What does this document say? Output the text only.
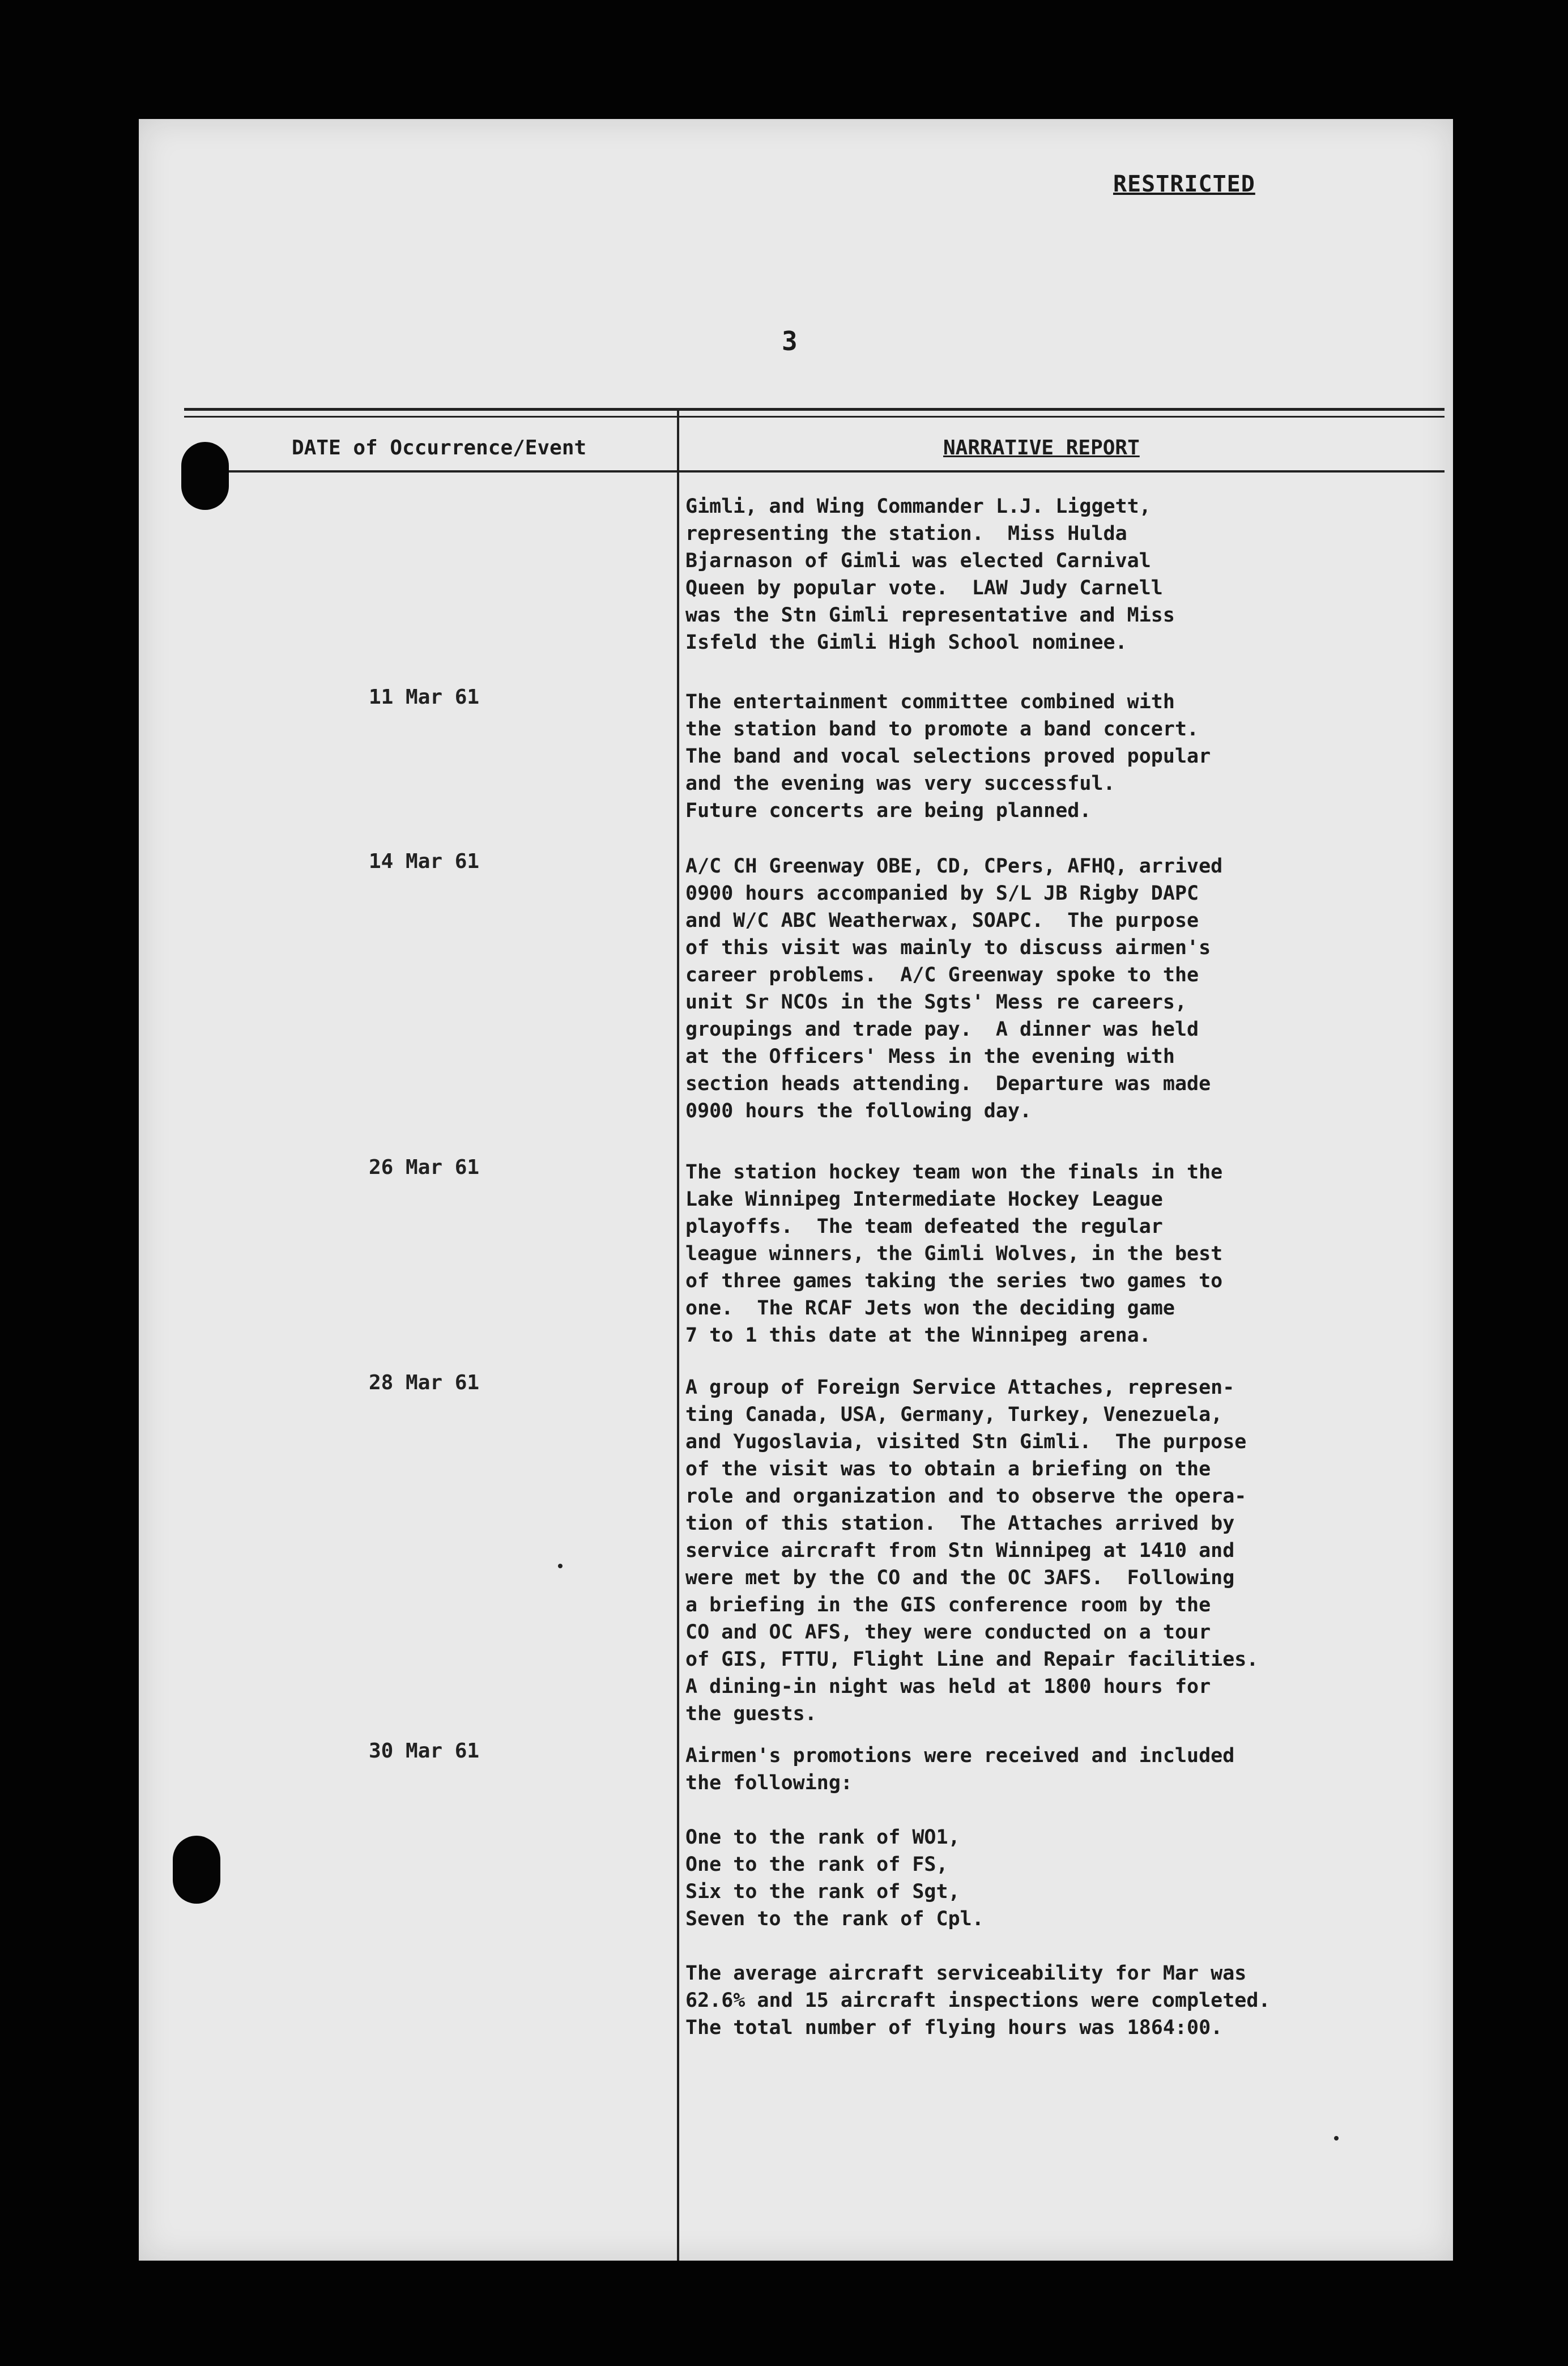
RESTRICTED
3
DATE of Occurrence/Event	NARRATIVE REPORT
11 Mar 61
14 Mar 61
26 Mar 61
28 Mar 61
30 Mar 61

Gimli, and Wing Commander L.J. Liggett,

representing the station.  Miss Hulda

Bjarnason of Gimli was elected Carnival

Queen by popular vote.  LAW Judy Carnell

was the Stn Gimli representative and Miss

Isfeld the Gimli High School nominee.

The entertainment committee combined with

the station band to promote a band concert.

The band and vocal selections proved popular

and the evening was very successful.

Future concerts are being planned.

A/C CH Greenway OBE, CD, CPers, AFHQ, arrived

0900 hours accompanied by S/L JB Rigby DAPC

and W/C ABC Weatherwax, SOAPC.  The purpose

of this visit was mainly to discuss airmen's

career problems.  A/C Greenway spoke to the

unit Sr NCOs in the Sgts' Mess re careers,

groupings and trade pay.  A dinner was held

at the Officers' Mess in the evening with

section heads attending.  Departure was made

0900 hours the following day.

The station hockey team won the finals in the

Lake Winnipeg Intermediate Hockey League

playoffs.  The team defeated the regular

league winners, the Gimli Wolves, in the best

of three games taking the series two games to

one.  The RCAF Jets won the deciding game

7 to 1 this date at the Winnipeg arena.

A group of Foreign Service Attaches, represen-

ting Canada, USA, Germany, Turkey, Venezuela,

and Yugoslavia, visited Stn Gimli.  The purpose

of the visit was to obtain a briefing on the

role and organization and to observe the opera-

tion of this station.  The Attaches arrived by

service aircraft from Stn Winnipeg at 1410 and

were met by the CO and the OC 3AFS.  Following

a briefing in the GIS conference room by the

CO and OC AFS, they were conducted on a tour

of GIS, FTTU, Flight Line and Repair facilities.

A dining-in night was held at 1800 hours for

the guests.

Airmen's promotions were received and included

the following:

One to the rank of WO1,

One to the rank of FS,

Six to the rank of Sgt,

Seven to the rank of Cpl.

The average aircraft serviceability for Mar was

62.6% and 15 aircraft inspections were completed.

The total number of flying hours was 1864:00.
